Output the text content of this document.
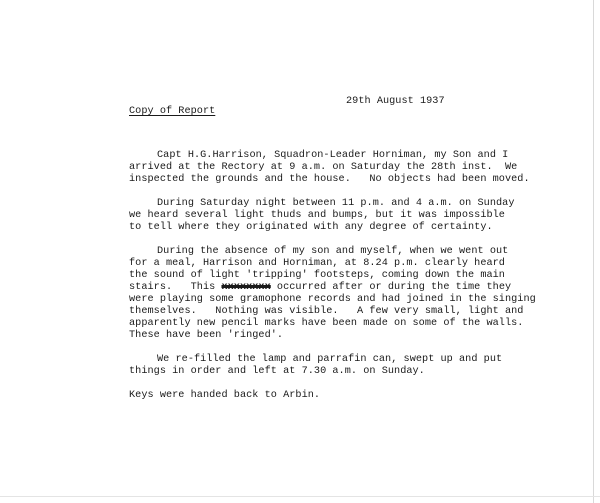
29th August 1937
Copy of Report
Capt H.G.Harrison, Squadron-Leader Horniman, my Son and I
arrived at the Rectory at 9 a.m. on Saturday the 28th inst.  We
inspected the grounds and the house.   No objects had been moved.
During Saturday night between 11 p.m. and 4 a.m. on Sunday
we heard several light thuds and bumps, but it was impossible
to tell where they originated with any degree of certainty.
During the absence of my son and myself, when we went out
for a meal, Harrison and Horniman, at 8.24 p.m. clearly heard
the sound of light 'tripping' footsteps, coming down the main
stairs.   This xxxxxxxx occurred after or during the time they
were playing some gramophone records and had joined in the singing
themselves.   Nothing was visible.   A few very small, light and
apparently new pencil marks have been made on some of the walls.
These have been 'ringed'.
We re-filled the lamp and parrafin can, swept up and put
things in order and left at 7.30 a.m. on Sunday.
Keys were handed back to Arbin.
